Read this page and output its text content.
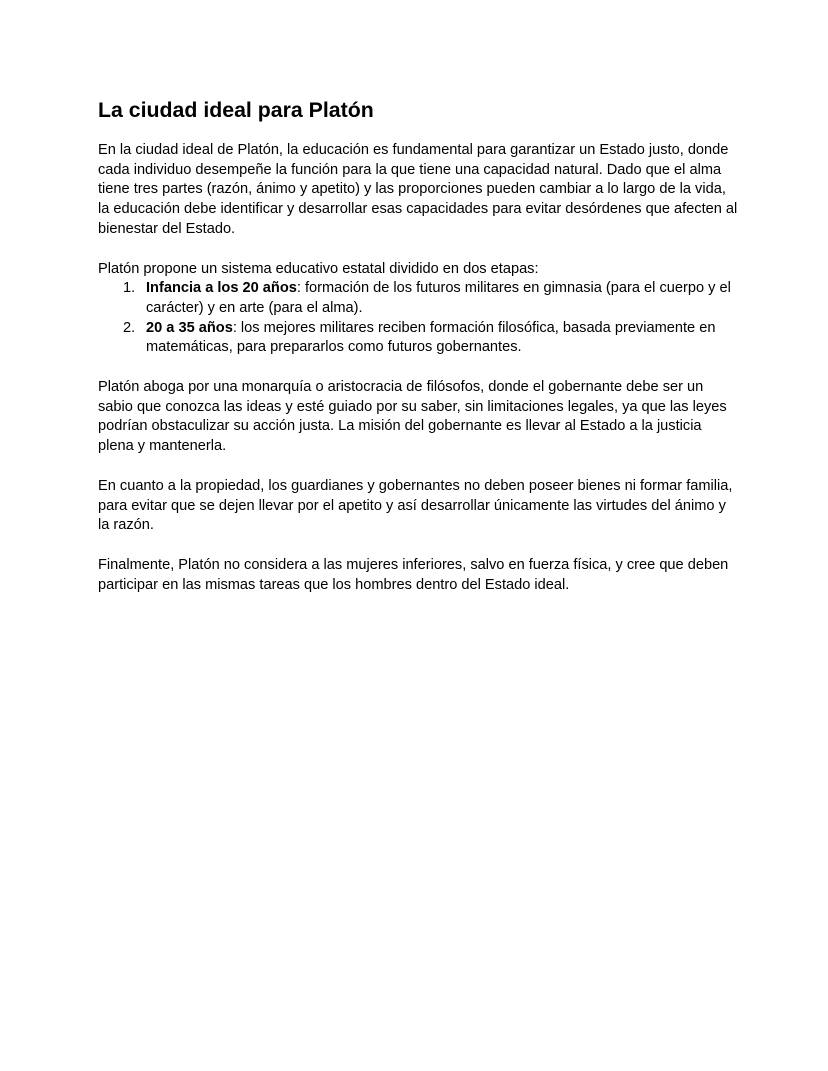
La ciudad ideal para Platón

En la ciudad ideal de Platón, la educación es fundamental para garantizar un Estado justo, donde cada individuo desempeñe la función para la que tiene una capacidad natural. Dado que el alma tiene tres partes (razón, ánimo y apetito) y las proporciones pueden cambiar a lo largo de la vida, la educación debe identificar y desarrollar esas capacidades para evitar desórdenes que afecten al bienestar del Estado.

Platón propone un sistema educativo estatal dividido en dos etapas:

1. Infancia a los 20 años: formación de los futuros militares en gimnasia (para el cuerpo y el carácter) y en arte (para el alma).
2. 20 a 35 años: los mejores militares reciben formación filosófica, basada previamente en matemáticas, para prepararlos como futuros gobernantes.

Platón aboga por una monarquía o aristocracia de filósofos, donde el gobernante debe ser un sabio que conozca las ideas y esté guiado por su saber, sin limitaciones legales, ya que las leyes podrían obstaculizar su acción justa. La misión del gobernante es llevar al Estado a la justicia plena y mantenerla.

En cuanto a la propiedad, los guardianes y gobernantes no deben poseer bienes ni formar familia, para evitar que se dejen llevar por el apetito y así desarrollar únicamente las virtudes del ánimo y la razón.

Finalmente, Platón no considera a las mujeres inferiores, salvo en fuerza física, y cree que deben participar en las mismas tareas que los hombres dentro del Estado ideal.
